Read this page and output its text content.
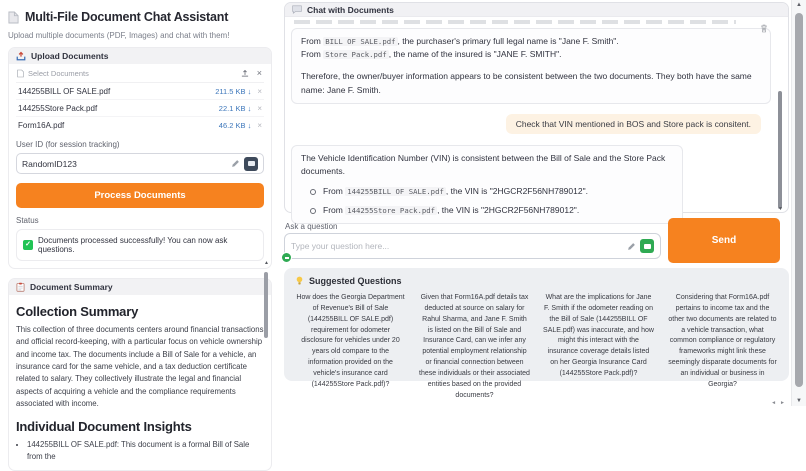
Multi-File Document Chat Assistant
Upload multiple documents (PDF, Images) and chat with them!
Upload Documents
Select Documents	×
144255BILL OF SALE.pdf	211.5 KB ↓ ×
144255Store Pack.pdf	22.1 KB ↓ ×
Form16A.pdf	46.2 KB ↓ ×
User ID (for session tracking)
RandomID123
Process Documents
Status
✓ Documents processed successfully! You can now ask questions.
Document Summary
Collection Summary

This collection of three documents centers around financial transactions and official record-keeping, with a particular focus on vehicle ownership and income tax. The documents include a Bill of Sale for a vehicle, an insurance card for the same vehicle, and a tax deduction certificate related to salary. They collectively illustrate the legal and financial aspects of acquiring a vehicle and the compliance requirements associated with income.

Individual Document Insights
• 144255BILL OF SALE.pdf: This document is a formal Bill of Sale from the
▲
Chat with Documents

From BILL OF SALE.pdf , the purchaser's primary full legal name is "Jane F. Smith".
From Store Pack.pdf , the name of the insured is "JANE F. SMITH".

Therefore, the owner/buyer information appears to be consistent between the two documents. They both have the same name: Jane F. Smith.

Check that VIN mentioned in BOS and Store pack is consitent.

The Vehicle Identification Number (VIN) is consistent between the Bill of Sale and the Store Pack documents.

From 144255BILL OF SALE.pdf , the VIN is "2HGCR2F56NH789012".
From 144255Store Pack.pdf , the VIN is "2HGCR2F56NH789012".	▼
Ask a question
Type your question here...	Send
Suggested Questions
How does the Georgia Department of Revenue's Bill of Sale (144255BILL OF SALE.pdf) requirement for odometer disclosure for vehicles under 20 years old compare to the information provided on the vehicle's insurance card (144255Store Pack.pdf)?
Given that Form16A.pdf details tax deducted at source on salary for Rahul Sharma, and Jane F. Smith is listed on the Bill of Sale and Insurance Card, can we infer any potential employment relationship or financial connection between these individuals or their associated entities based on the provided documents?
What are the implications for Jane F. Smith if the odometer reading on the Bill of Sale (144255BILL OF SALE.pdf) was inaccurate, and how might this interact with the insurance coverage details listed on her Georgia Insurance Card (144255Store Pack.pdf)?
Considering that Form16A.pdf pertains to income tax and the other two documents are related to a vehicle transaction, what common compliance or regulatory frameworks might link these seemingly disparate documents for an individual or business in Georgia?
▲
▼
◄►
